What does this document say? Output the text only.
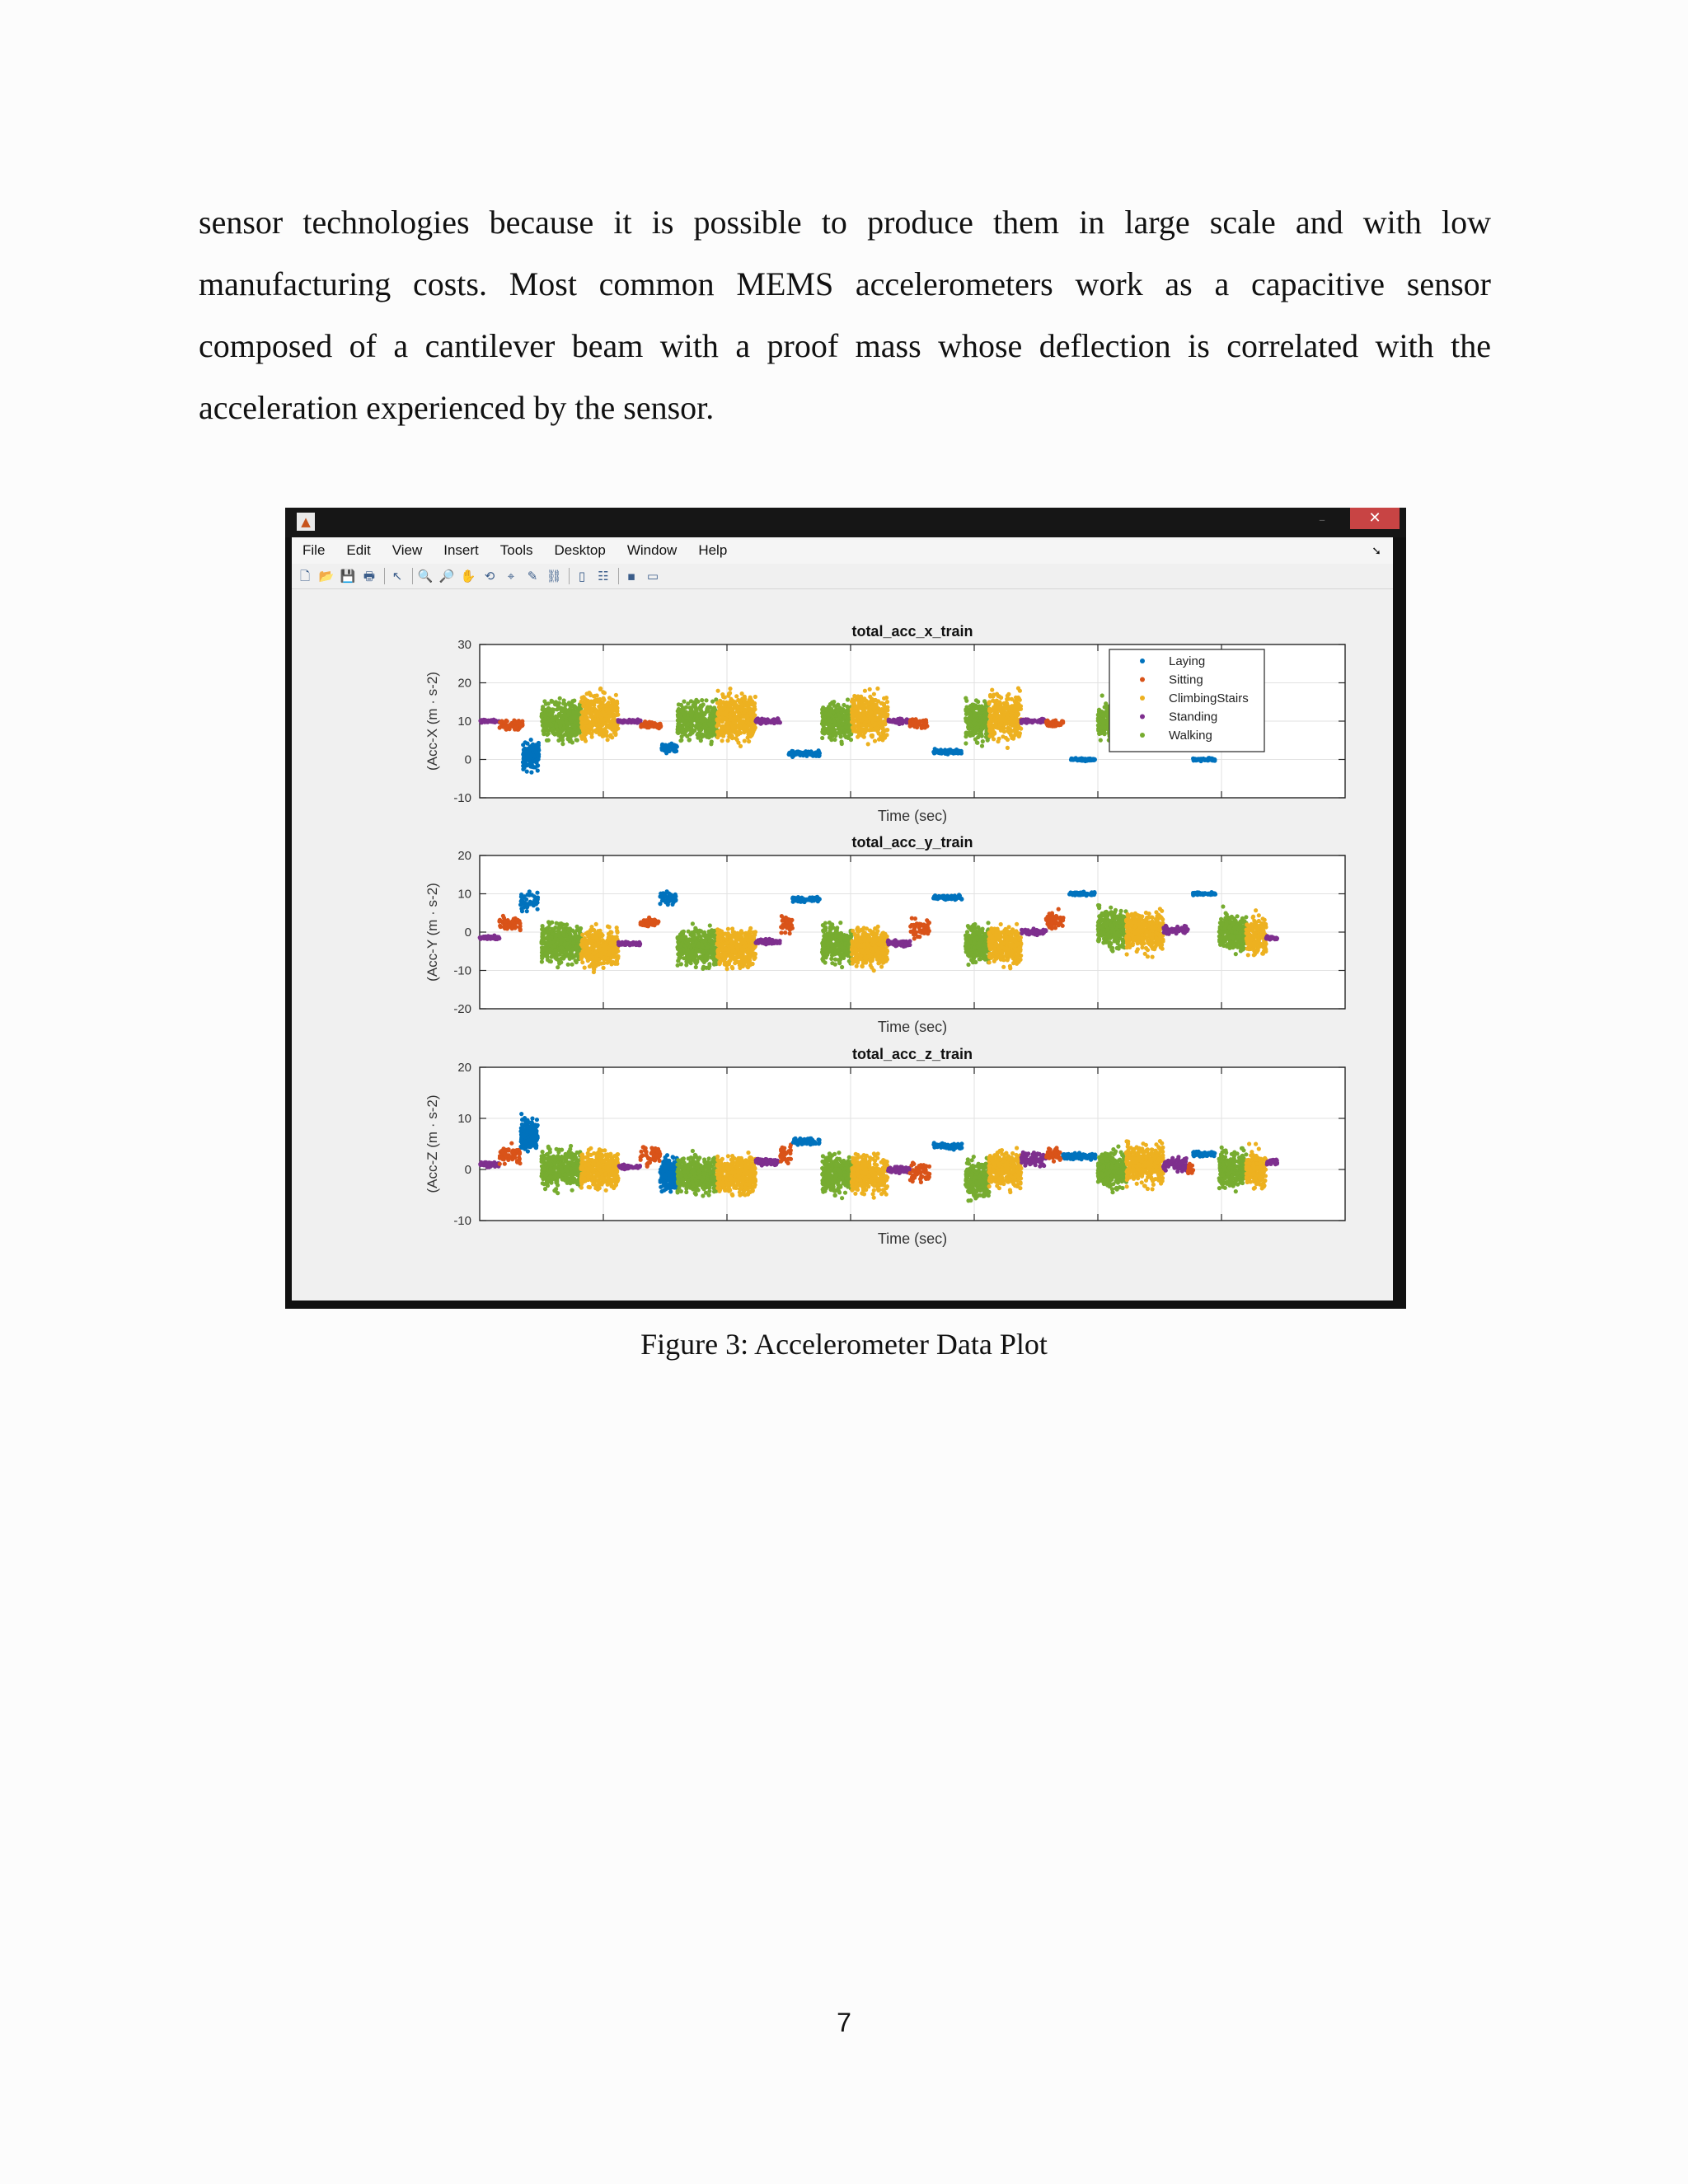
sensor technologies because it is possible to produce them in large scale and with low manufacturing costs. Most common MEMS accelerometers work as a capacitive sensor composed of a cantilever beam with a proof mass whose deflection is correlated with the acceleration experienced by the sensor.

▲	–	✕
File Edit View Insert Tools Desktop Window Help	➘
🗋 📂 💾 🖶 ↖ 🔍 🔎 ✋ ⟲	⌖	✎ ⛓	▯	☷	▪ ▭
-10
0
10
20
30
total_acc_x_train
Time (sec)
(Acc-X (m · s-2)
Laying
Sitting
ClimbingStairs
Standing
Walking
-20
-10
0
10
20
total_acc_y_train
Time (sec)
(Acc-Y (m · s-2)
-10
0
10
20
total_acc_z_train
Time (sec)
(Acc-Z (m · s-2)
Figure 3: Accelerometer Data Plot
7
